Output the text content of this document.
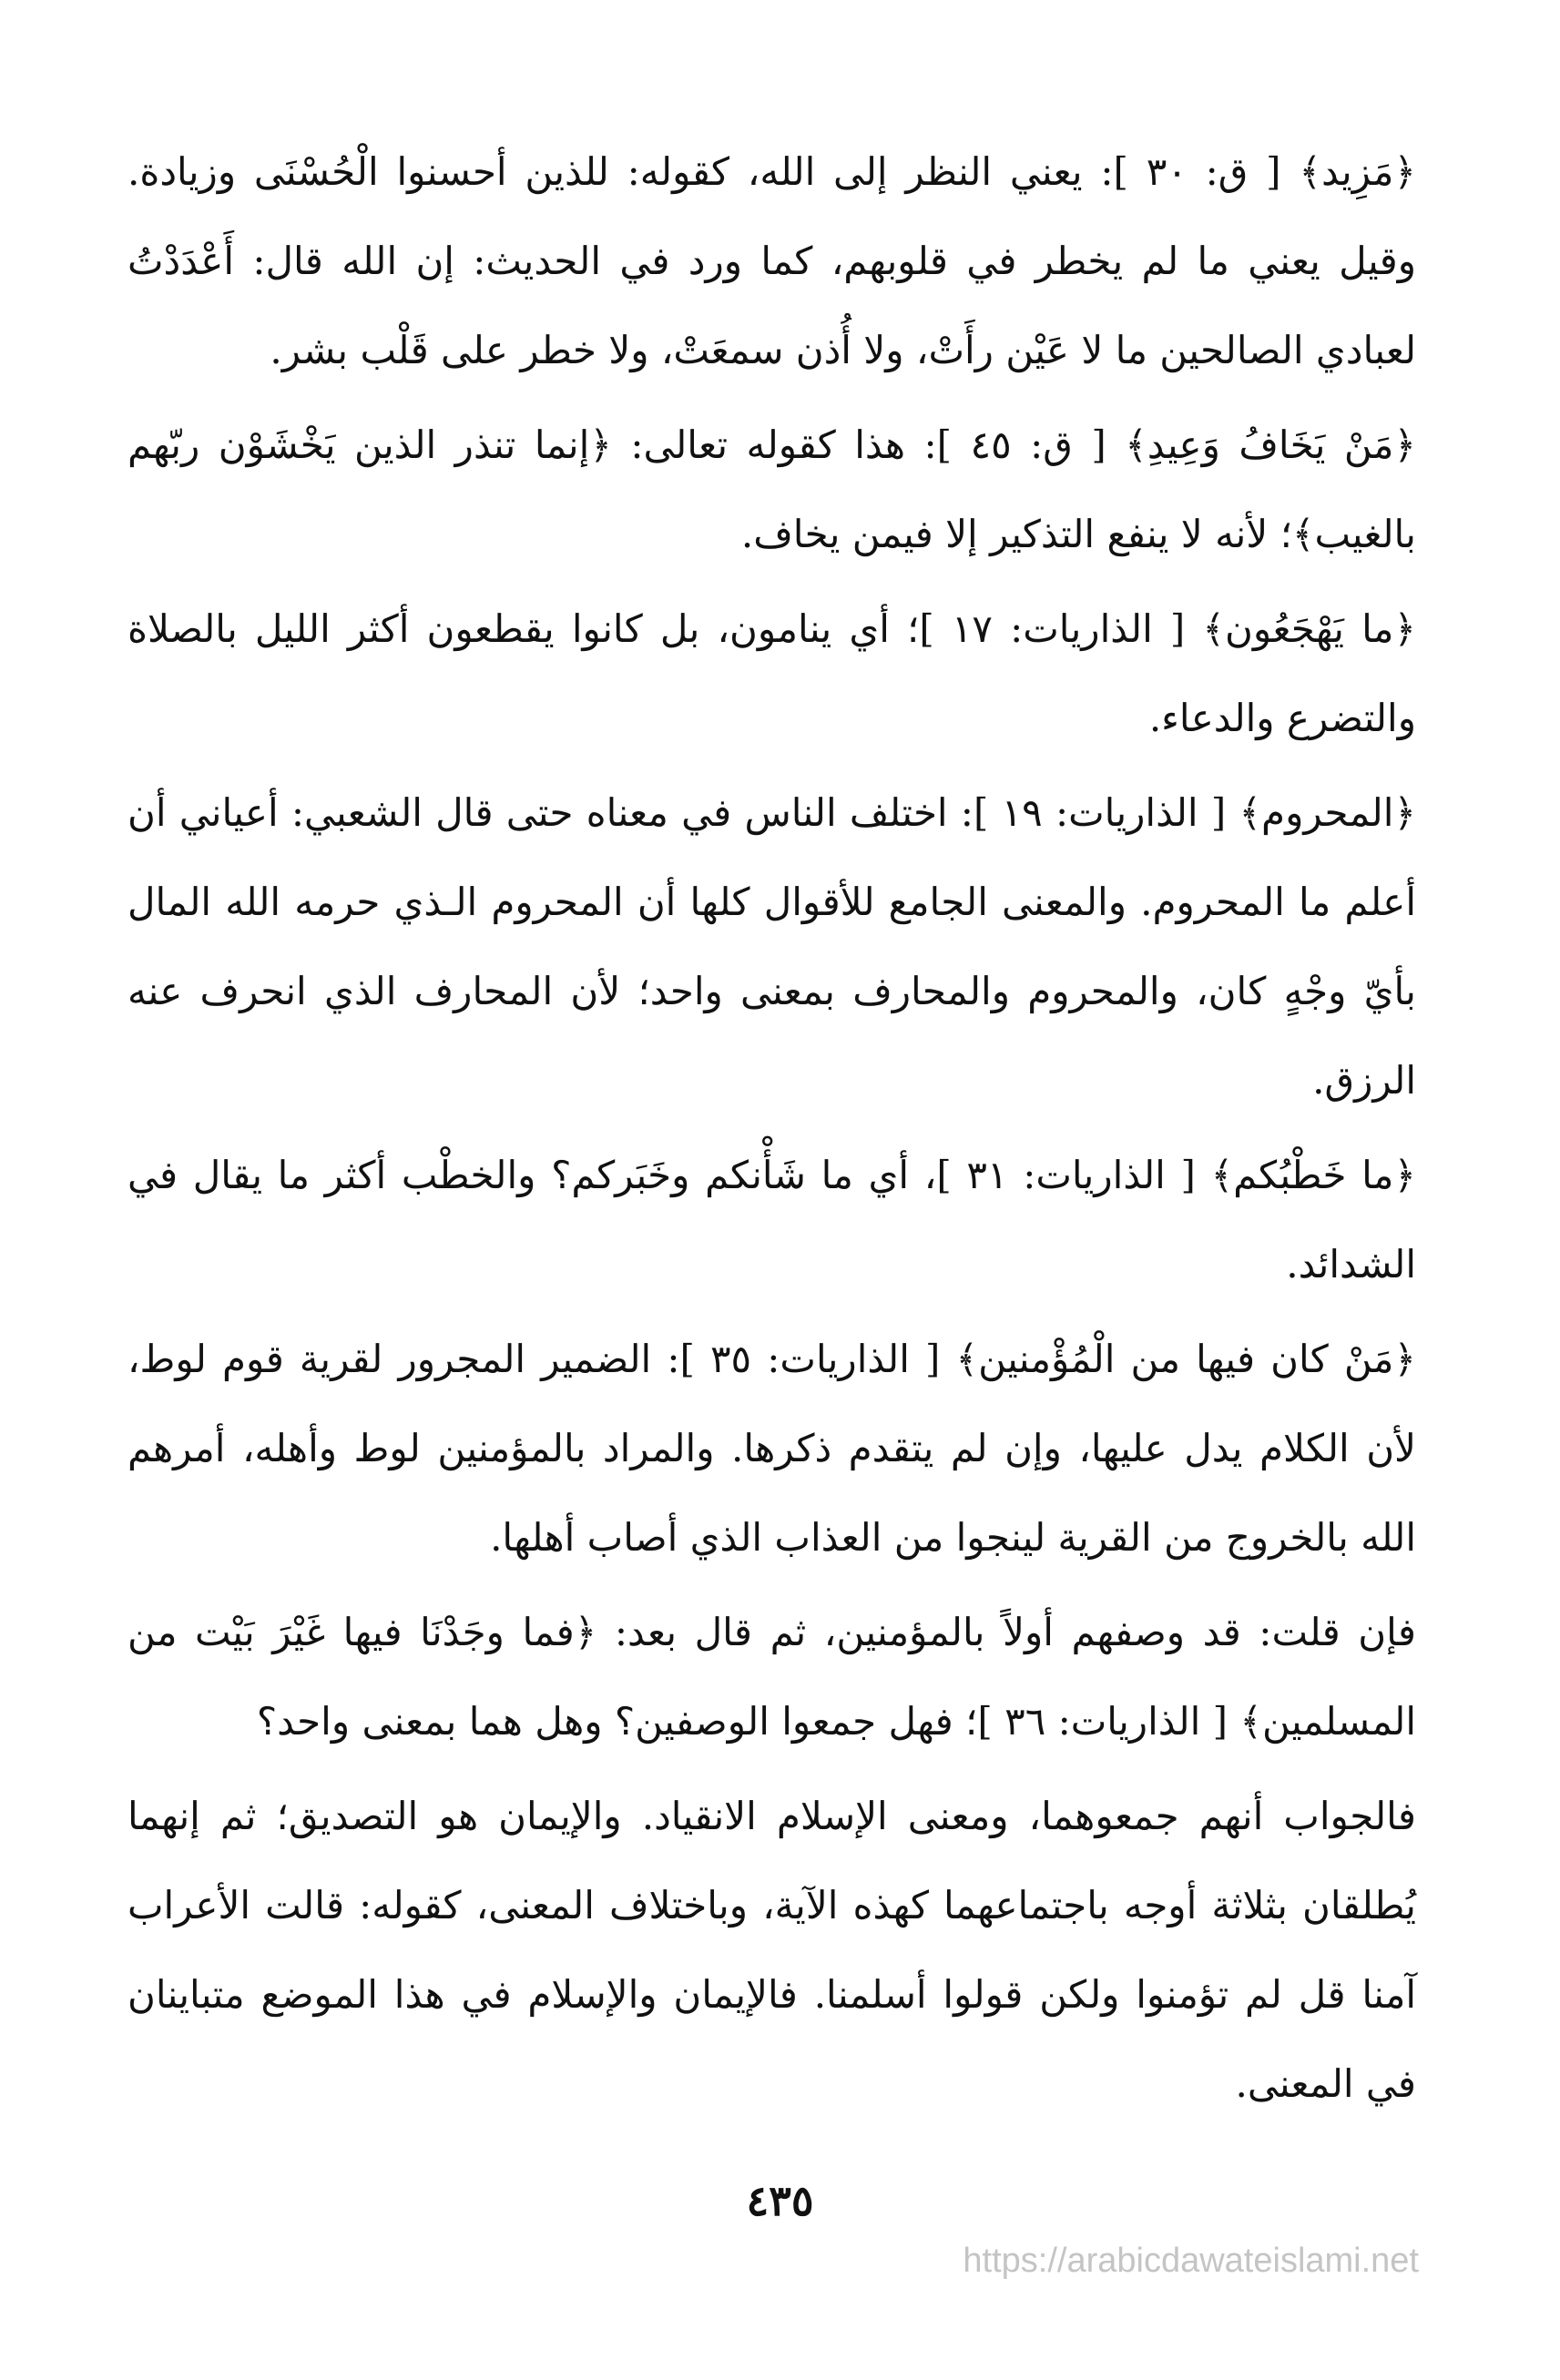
﴿مَزِيد﴾ [ ق: ٣٠ ]: يعني النظر إلى الله، كقوله: للذين أحسنوا الْحُسْنَى وزيادة. وقيل يعني ما لم يخطر في قلوبهم، كما ورد في الحديث: إن الله قال: أَعْدَدْتُ لعبادي الصالحين ما لا عَيْن رأَتْ، ولا أُذن سمعَتْ، ولا خطر على قَلْب بشر.

﴿مَنْ يَخَافُ وَعِيدِ﴾ [ ق: ٤٥ ]: هذا كقوله تعالى: ﴿إنما تنذر الذين يَخْشَوْن ربّهم بالغيب﴾؛ لأنه لا ينفع التذكير إلا فيمن يخاف.

﴿ما يَهْجَعُون﴾ [ الذاريات: ١٧ ]؛ أي ينامون، بل كانوا يقطعون أكثر الليل بالصلاة والتضرع والدعاء.

﴿المحروم﴾ [ الذاريات: ١٩ ]: اختلف الناس في معناه حتى قال الشعبي: أعياني أن أعلم ما المحروم. والمعنى الجامع للأقوال كلها أن المحروم الـذي حرمه الله المال بأيّ وجْهٍ كان، والمحروم والمحارف بمعنى واحد؛ لأن المحارف الذي انحرف عنه الرزق.

﴿ما خَطْبُكم﴾ [ الذاريات: ٣١ ]، أي ما شَأْنكم وخَبَركم؟ والخطْب أكثر ما يقال في الشدائد.

﴿مَنْ كان فيها من الْمُؤْمنين﴾ [ الذاريات: ٣٥ ]: الضمير المجرور لقرية قوم لوط، لأن الكلام يدل عليها، وإن لم يتقدم ذكرها. والمراد بالمؤمنين لوط وأهله، أمرهم الله بالخروج من القرية لينجوا من العذاب الذي أصاب أهلها.

فإن قلت: قد وصفهم أولاً بالمؤمنين، ثم قال بعد: ﴿فما وجَدْنَا فيها غَيْرَ بَيْت من المسلمين﴾ [ الذاريات: ٣٦ ]؛ فهل جمعوا الوصفين؟ وهل هما بمعنى واحد؟

فالجواب أنهم جمعوهما، ومعنى الإسلام الانقياد. والإيمان هو التصديق؛ ثم إنهما يُطلقان بثلاثة أوجه باجتماعهما كهذه الآية، وباختلاف المعنى، كقوله: قالت الأعراب آمنا قل لم تؤمنوا ولكن قولوا أسلمنا. فالإيمان والإسلام في هذا الموضع متباينان في المعنى.

٤٣٥
https://arabicdawateislami.net
